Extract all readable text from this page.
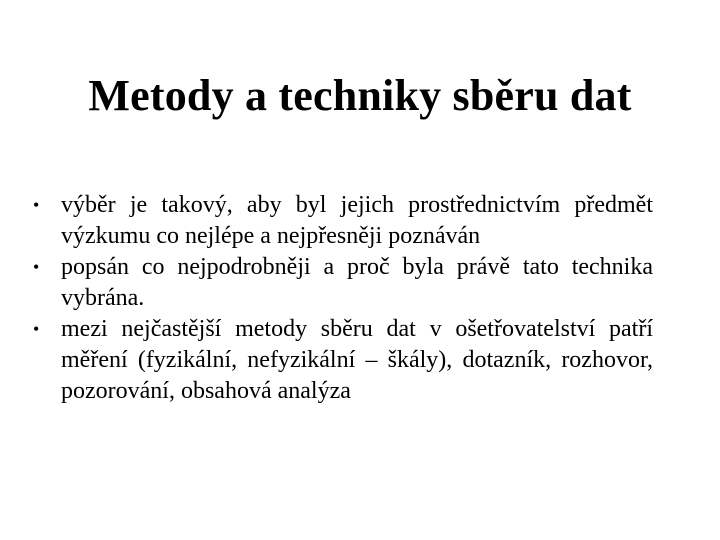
Metody a techniky sběru dat
• výběr je takový, aby byl jejich prostřednictvím předmět výzkumu co nejlépe a nejpřesněji poznáván
• popsán co nejpodrobněji a proč byla právě tato technika vybrána.
• mezi nejčastější metody sběru dat v ošetřovatelství patří měření (fyzikální, nefyzikální – škály), dotazník, rozhovor, pozorování, obsahová analýza
